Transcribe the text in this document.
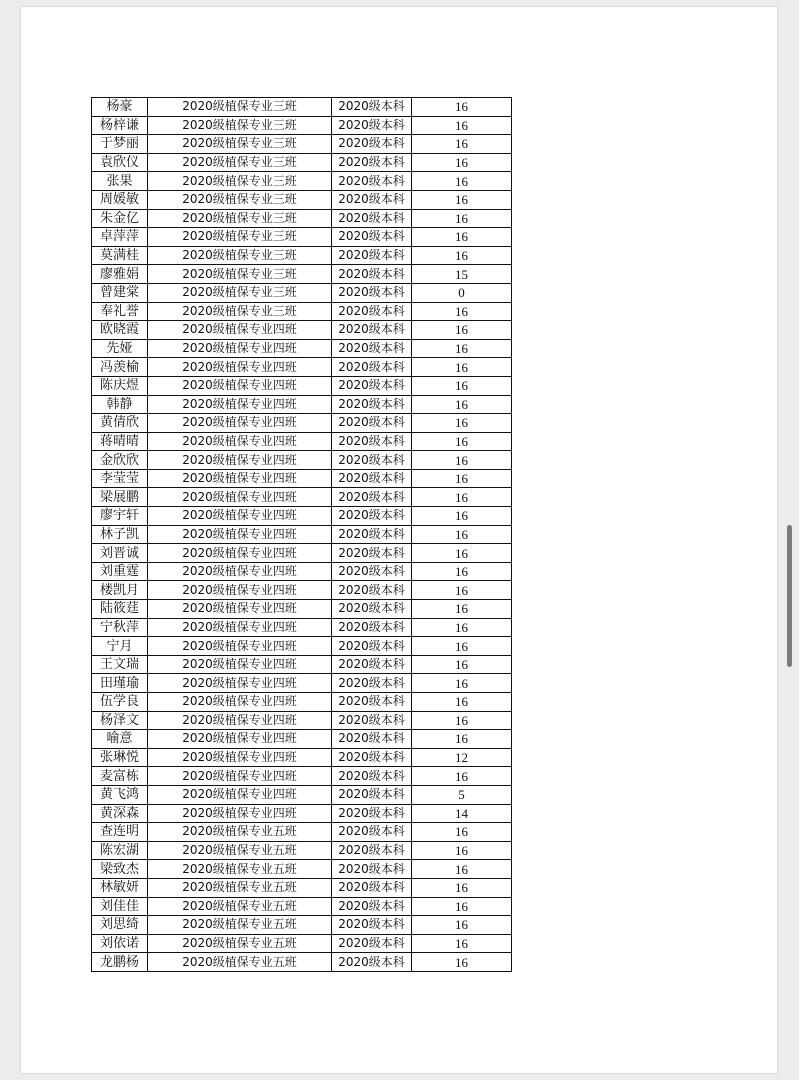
杨豪	2020级植保专业三班	2020级本科	16
杨梓谦	2020级植保专业三班	2020级本科	16
于梦丽	2020级植保专业三班	2020级本科	16
袁欣仪	2020级植保专业三班	2020级本科	16
张果	2020级植保专业三班	2020级本科	16
周媛敏	2020级植保专业三班	2020级本科	16
朱金亿	2020级植保专业三班	2020级本科	16
卓萍萍	2020级植保专业三班	2020级本科	16
莫满桂	2020级植保专业三班	2020级本科	16
廖雅娟	2020级植保专业三班	2020级本科	15
曾建棠	2020级植保专业三班	2020级本科	0
奉礼誉	2020级植保专业三班	2020级本科	16
欧晓霞	2020级植保专业四班	2020级本科	16
先娅	2020级植保专业四班	2020级本科	16
冯羡榆	2020级植保专业四班	2020级本科	16
陈庆煜	2020级植保专业四班	2020级本科	16
韩静	2020级植保专业四班	2020级本科	16
黄倩欣	2020级植保专业四班	2020级本科	16
蒋晴晴	2020级植保专业四班	2020级本科	16
金欣欣	2020级植保专业四班	2020级本科	16
李莹莹	2020级植保专业四班	2020级本科	16
梁展鹏	2020级植保专业四班	2020级本科	16
廖宇轩	2020级植保专业四班	2020级本科	16
林子凯	2020级植保专业四班	2020级本科	16
刘晋诚	2020级植保专业四班	2020级本科	16
刘重霆	2020级植保专业四班	2020级本科	16
楼凯月	2020级植保专业四班	2020级本科	16
陆筱莛	2020级植保专业四班	2020级本科	16
宁秋萍	2020级植保专业四班	2020级本科	16
宁月	2020级植保专业四班	2020级本科	16
王文瑞	2020级植保专业四班	2020级本科	16
田瑾瑜	2020级植保专业四班	2020级本科	16
伍学良	2020级植保专业四班	2020级本科	16
杨泽文	2020级植保专业四班	2020级本科	16
喻意	2020级植保专业四班	2020级本科	16
张琳悦	2020级植保专业四班	2020级本科	12
麦富栋	2020级植保专业四班	2020级本科	16
黄飞鸿	2020级植保专业四班	2020级本科	5
黄深森	2020级植保专业四班	2020级本科	14
查连明	2020级植保专业五班	2020级本科	16
陈宏湖	2020级植保专业五班	2020级本科	16
梁致杰	2020级植保专业五班	2020级本科	16
林敏妍	2020级植保专业五班	2020级本科	16
刘佳佳	2020级植保专业五班	2020级本科	16
刘思绮	2020级植保专业五班	2020级本科	16
刘依诺	2020级植保专业五班	2020级本科	16
龙鹏杨	2020级植保专业五班	2020级本科	16
